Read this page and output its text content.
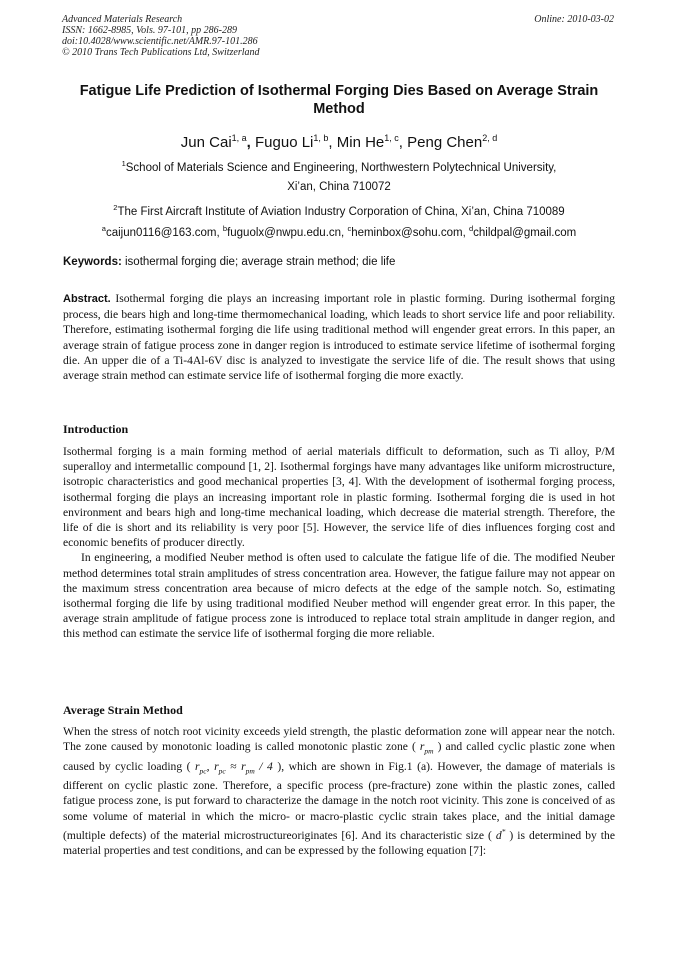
Advanced Materials Research
ISSN: 1662-8985, Vols. 97-101, pp 286-289
doi:10.4028/www.scientific.net/AMR.97-101.286
© 2010 Trans Tech Publications Ltd, Switzerland
Online: 2010-03-02
Fatigue Life Prediction of Isothermal Forging Dies Based on Average Strain Method
Jun Cai$^{1, a}$, Fuguo Li$^{1, b}$, Min He$^{1, c}$, Peng Chen$^{2, d}$
$^1$School of Materials Science and Engineering, Northwestern Polytechnical University,
Xi’an, China 710072
$^2$The First Aircraft Institute of Aviation Industry Corporation of China, Xi’an, China 710089
$^a$caijun0116@163.com, $^b$fuguolx@nwpu.edu.cn, $^c$heminbox@sohu.com, $^d$childpal@gmail.com
Keywords: isothermal forging die; average strain method; die life
Abstract. Isothermal forging die plays an increasing important role in plastic forming. During isothermal forging process, die bears high and long-time thermomechanical loading, which leads to short service life and poor reliability. Therefore, estimating isothermal forging die life using traditional method will engender great errors. In this paper, an average strain of fatigue process zone in danger region is introduced to estimate service lifetime of isothermal forging die. An upper die of a Ti-4Al-6V disc is analyzed to investigate the service life of die. The result shows that using average strain method can estimate service life of isothermal forging die more exactly.
Introduction
Isothermal forging is a main forming method of aerial materials difficult to deformation, such as Ti alloy, P/M superalloy and intermetallic compound [1, 2]. Isothermal forgings have many advantages like uniform microstructure, isotropic characteristics and good mechanical properties [3, 4]. With the development of isothermal forging process, isothermal forging die plays an increasing important role in plastic forming. Isothermal forging die is used in hot environment and bears high and long-time mechanical loading, which decrease die material strength. Therefore, the life of die is short and its reliability is very poor [5]. However, the service life of dies influences forging cost and economic benefits of producer directly.
In engineering, a modified Neuber method is often used to calculate the fatigue life of die. The modified Neuber method determines total strain amplitudes of stress concentration area. However, the fatigue failure may not appear on the maximum stress concentration area because of micro defects at the edge of the sample notch. So, estimating isothermal forging die life by using traditional modified Neuber method will engender great error. In this paper, the average strain amplitude of fatigue process zone is introduced to replace total strain amplitude in danger region, and this method can estimate the service life of isothermal forging die more reliable.
Average Strain Method
When the stress of notch root vicinity exceeds yield strength, the plastic deformation zone will appear near the notch. The zone caused by monotonic loading is called monotonic plastic zone ( $r_{pm}$ ) and called cyclic plastic zone when caused by cyclic loading ( $r_{pc}$, $r_{pc} \approx r_{pm} / 4$ ), which are shown in Fig.1 (a). However, the damage of materials is different on cyclic plastic zone. Therefore, a specific process (pre-fracture) zone within the plastic zones, called fatigue process zone, is put forward to characterize the damage in the notch root vicinity. This zone is conceived of as some volume of material in which the micro- or macro-plastic cyclic strain takes place, and the initial damage (multiple defects) of the material microstructureoriginates [6]. And its characteristic size ( d* ) is determined by the material properties and test conditions, and can be expressed by the following equation [7]:
